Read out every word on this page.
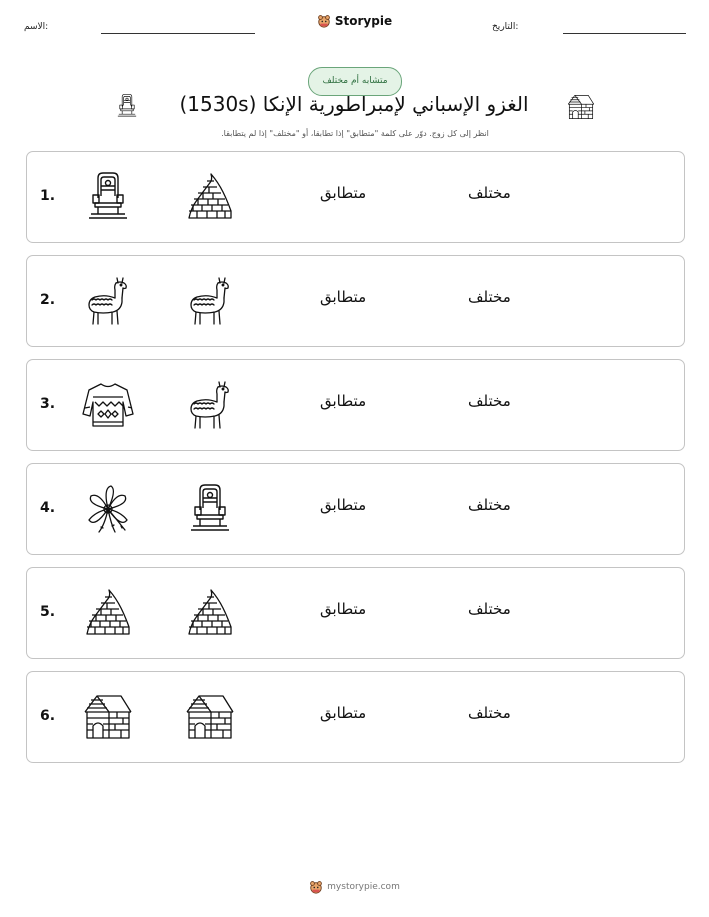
الاسم:	Storypie	التاريخ:
متشابه أم مختلف
الغزو الإسباني لإمبراطورية الإنكا (1530s)
انظر إلى كل زوج. دوّر على كلمة "متطابق" إذا تطابقا، أو "مختلف" إذا لم يتطابقا.
1.	متطابق	مختلف
2.	متطابق	مختلف
3.	متطابق	مختلف
4.	متطابق	مختلف
5.	متطابق	مختلف
6.	متطابق	مختلف
mystorypie.com
